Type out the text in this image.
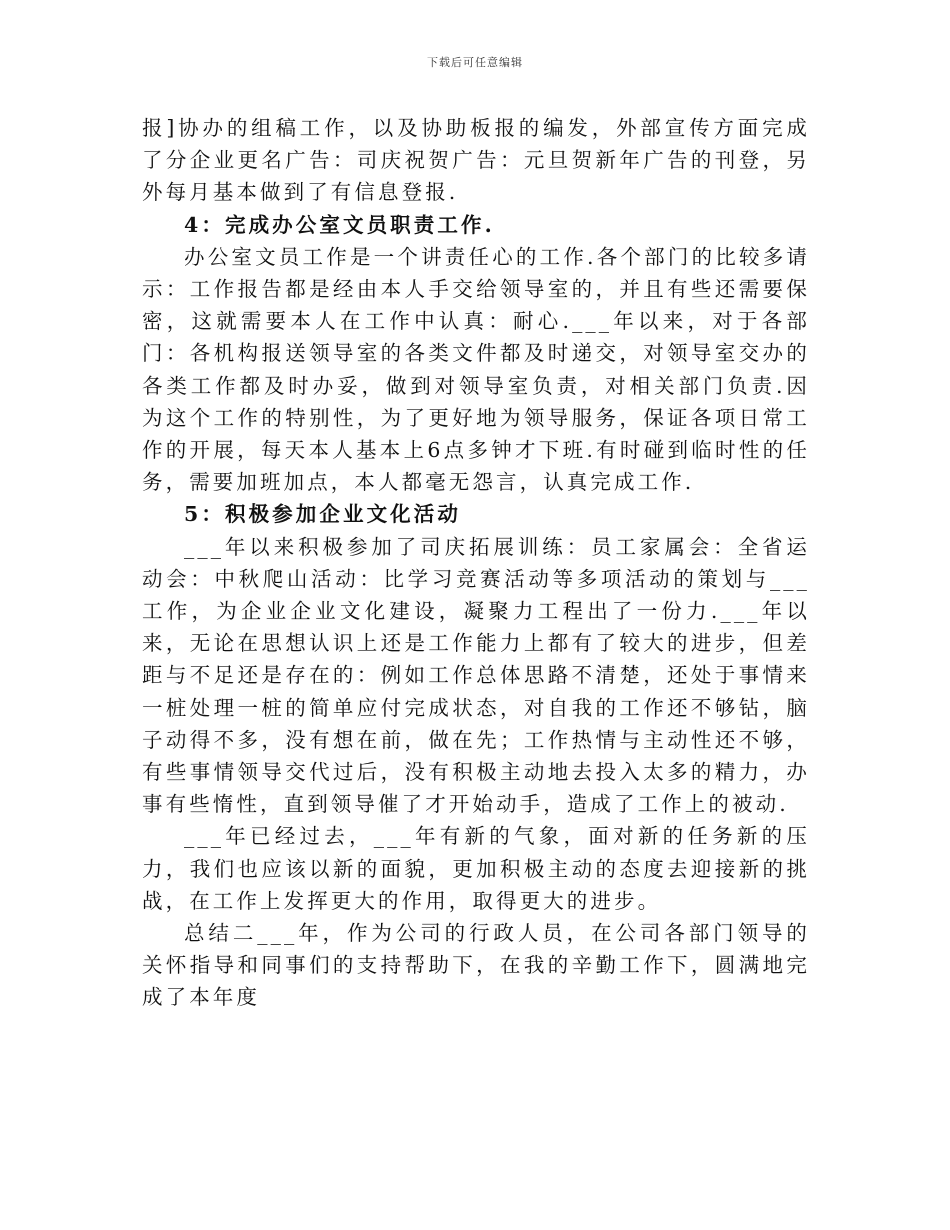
下载后可任意编辑

报]协办的组稿工作，以及协助板报的编发，外部宣传方面完成了分企业更名广告：司庆祝贺广告：元旦贺新年广告的刊登，另外每月基本做到了有信息登报.

4：完成办公室文员职责工作.

办公室文员工作是一个讲责任心的工作.各个部门的比较多请示：工作报告都是经由本人手交给领导室的，并且有些还需要保密，这就需要本人在工作中认真：耐心.___年以来，对于各部门：各机构报送领导室的各类文件都及时递交，对领导室交办的各类工作都及时办妥，做到对领导室负责，对相关部门负责.因为这个工作的特别性，为了更好地为领导服务，保证各项日常工作的开展，每天本人基本上6点多钟才下班.有时碰到临时性的任务，需要加班加点，本人都毫无怨言，认真完成工作.

5：积极参加企业文化活动

___年以来积极参加了司庆拓展训练：员工家属会：全省运动会：中秋爬山活动：比学习竞赛活动等多项活动的策划与___工作，为企业企业文化建设，凝聚力工程出了一份力.___年以来，无论在思想认识上还是工作能力上都有了较大的进步，但差距与不足还是存在的：例如工作总体思路不清楚，还处于事情来一桩处理一桩的简单应付完成状态，对自我的工作还不够钻，脑子动得不多，没有想在前，做在先；工作热情与主动性还不够，有些事情领导交代过后，没有积极主动地去投入太多的精力，办事有些惰性，直到领导催了才开始动手，造成了工作上的被动.

___年已经过去，___年有新的气象，面对新的任务新的压力，我们也应该以新的面貌，更加积极主动的态度去迎接新的挑战，在工作上发挥更大的作用，取得更大的进步。

总结二___年，作为公司的行政人员，在公司各部门领导的关怀指导和同事们的支持帮助下，在我的辛勤工作下，圆满地完成了本年度
